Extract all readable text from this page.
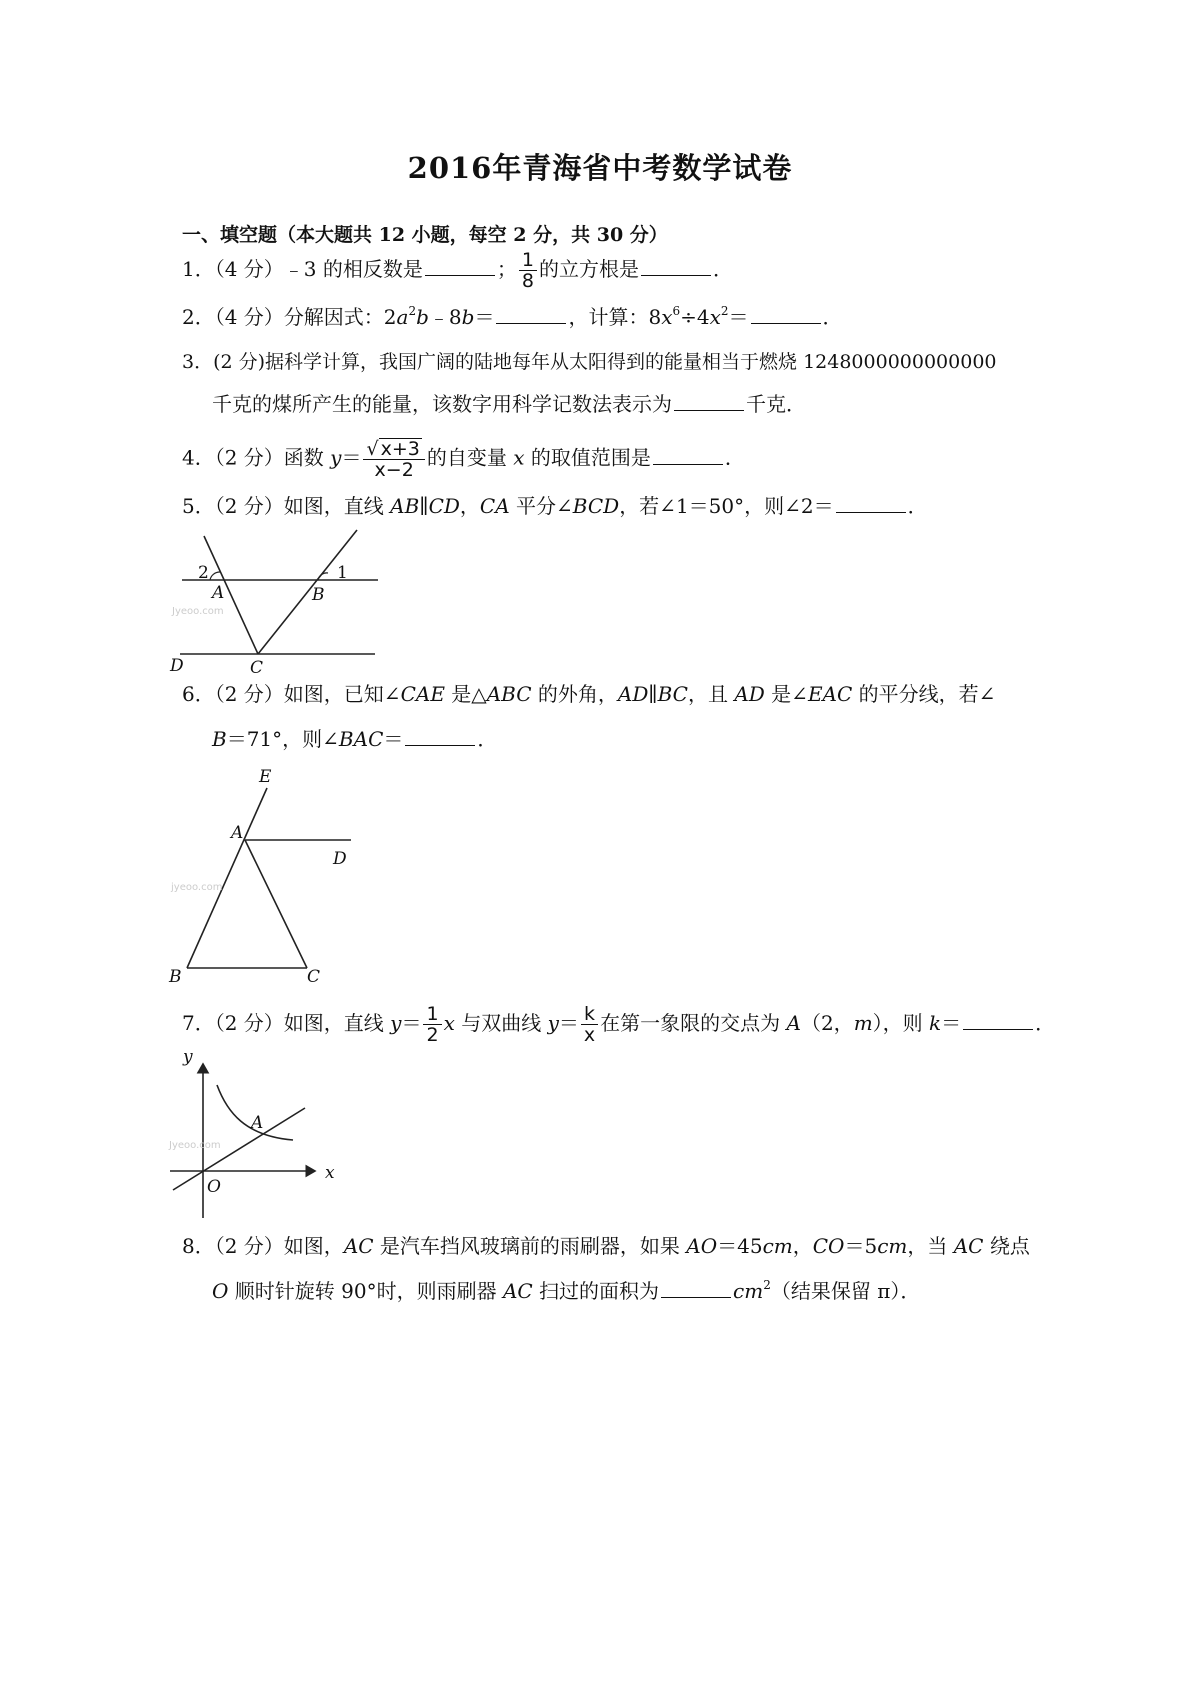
2016年青海省中考数学试卷
一、填空题（本大题共 12 小题，每空 2 分，共 30 分）
1．（4 分）﹣3 的相反数是	； $\frac{1}{8}$ 的立方根是	．
2．（4 分）分解因式：$2a^2b﹣8b=$	，计算：$8x^6\div 4x^2=$	．
3．(2 分)据科学计算，我国广阔的陆地每年从太阳得到的能量相当于燃烧 1248000000000000
千克的煤所产生的能量，该数字用科学记数法表示为	千克．
4．（2 分）函数 $y= \frac{√ x+3}{x-2}$ 的自变量 x 的取值范围是	．
5．（2 分）如图，直线 AB∥CD，CA 平分∠BCD，若∠1＝50°，则∠2＝	．
2	1
A	B
C
D
Jyeoo.com
6．（2 分）如图，已知∠CAE 是△ABC 的外角，AD∥BC，且 AD 是∠EAC 的平分线，若∠
B＝71°，则∠BAC＝	．
E
A
D
B	C
jyeoo.com
7．（2 分）如图，直线 $y= \frac{1}{2}$ x 与双曲线 $y= \frac{k}{x}$ 在第一象限的交点为 A（2，m），则 k＝	．
y
x
O
A
Jyeoo.com
8．（2 分）如图，AC 是汽车挡风玻璃前的雨刷器，如果 AO＝45cm，CO＝5cm，当 AC 绕点
O 顺时针旋转 90°时，则雨刷器 AC 扫过的面积为	$cm^2$（结果保留 π）．
